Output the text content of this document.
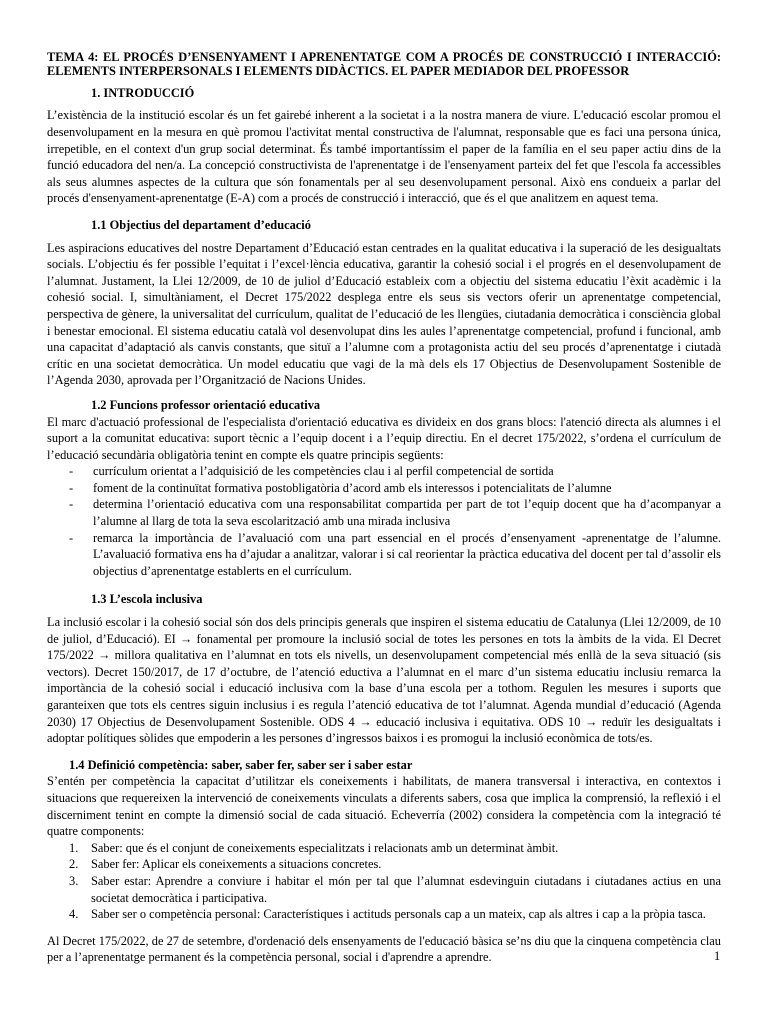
TEMA 4: EL PROCÉS D’ENSENYAMENT I APRENENTATGE COM A PROCÉS DE CONSTRUCCIÓ I INTERACCIÓ: ELEMENTS INTERPERSONALS I ELEMENTS DIDÀCTICS. EL PAPER MEDIADOR DEL PROFESSOR

1. INTRODUCCIÓ

L’existència de la institució escolar és un fet gairebé inherent a la societat i a la nostra manera de viure. L'educació escolar promou el desenvolupament en la mesura en què promou l'activitat mental constructiva de l'alumnat, responsable que es faci una persona única, irrepetible, en el context d'un grup social determinat. És també importantíssim el paper de la família en el seu paper actiu dins de la funció educadora del nen/a. La concepció constructivista de l'aprenentatge i de l'ensenyament parteix del fet que l'escola fa accessibles als seus alumnes aspectes de la cultura que són fonamentals per al seu desenvolupament personal. Això ens condueix a parlar del procés d'ensenyament-aprenentatge (E-A) com a procés de construcció i interacció, que és el que analitzem en aquest tema.

1.1 Objectius del departament d’educació

Les aspiracions educatives del nostre Departament d’Educació estan centrades en la qualitat educativa i la superació de les desigualtats socials. L’objectiu és fer possible l’equitat i l’excel·lència educativa, garantir la cohesió social i el progrés en el desenvolupament de l’alumnat. Justament, la Llei 12/2009, de 10 de juliol d’Educació estableix com a objectiu del sistema educatiu l’èxit acadèmic i la cohesió social. I, simultàniament, el Decret 175/2022 desplega entre els seus sis vectors oferir un aprenentatge competencial, perspectiva de gènere, la universalitat del currículum, qualitat de l’educació de les llengües, ciutadania democràtica i consciència global i benestar emocional. El sistema educatiu català vol desenvolupat dins les aules l’aprenentatge competencial, profund i funcional, amb una capacitat d’adaptació als canvis constants, que situï a l’alumne com a protagonista actiu del seu procés d’aprenentatge i ciutadà crític en una societat democràtica. Un model educatiu que vagi de la mà dels els 17 Objectius de Desenvolupament Sostenible de l’Agenda 2030, aprovada per l’Organització de Nacions Unides.

1.2 Funcions professor orientació educativa

El marc d'actuació professional de l'especialista d'orientació educativa es divideix en dos grans blocs: l'atenció directa als alumnes i el suport a la comunitat educativa: suport tècnic a l’equip docent i a l’equip directiu. En el decret 175/2022, s’ordena el currículum de l’educació secundària obligatòria tenint en compte els quatre principis següents:

- currículum orientat a l’adquisició de les competències clau i al perfil competencial de sortida
- foment de la continuïtat formativa postobligatòria d’acord amb els interessos i potencialitats de l’alumne
- determina l’orientació educativa com una responsabilitat compartida per part de tot l’equip docent que ha d’acompanyar a l’alumne al llarg de tota la seva escolarització amb una mirada inclusiva
- remarca la importància de l’avaluació com una part essencial en el procés d’ensenyament -aprenentatge de l’alumne. L’avaluació formativa ens ha d’ajudar a analitzar, valorar i si cal reorientar la pràctica educativa del docent per tal d’assolir els objectius d’aprenentatge establerts en el currículum.
1.3 L’escola inclusiva

La inclusió escolar i la cohesió social són dos dels principis generals que inspiren el sistema educatiu de Catalunya (Llei 12/2009, de 10 de juliol, d’Educació). EI → fonamental per promoure la inclusió social de totes les persones en tots la àmbits de la vida. El Decret 175/2022 → millora qualitativa en l’alumnat en tots els nivells, un desenvolupament competencial més enllà de la seva situació (sis vectors). Decret 150/2017, de 17 d’octubre, de l’atenció eductiva a l’alumnat en el marc d’un sistema educatiu inclusiu remarca la importància de la cohesió social i educació inclusiva com la base d’una escola per a tothom. Regulen les mesures i suports que garanteixen que tots els centres siguin inclusius i es regula l’atenció educativa de tot l’alumnat. Agenda mundial d’educació (Agenda 2030) 17 Objectius de Desenvolupament Sostenible. ODS 4 → educació inclusiva i equitativa. ODS 10 → reduïr les desigualtats i adoptar polítiques sòlides que empoderin a les persones d’ingressos baixos i es promogui la inclusió econòmica de tots/es.

1.4 Definició competència: saber, saber fer, saber ser i saber estar

S’entén per competència la capacitat d’utilitzar els coneixements i habilitats, de manera transversal i interactiva, en contextos i situacions que requereixen la intervenció de coneixements vinculats a diferents sabers, cosa que implica la comprensió, la reflexió i el discerniment tenint en compte la dimensió social de cada situació. Echeverría (2002) considera la competència com la integració té quatre components:

1. Saber: que és el conjunt de coneixements especialitzats i relacionats amb un determinat àmbit.
2. Saber fer: Aplicar els coneixements a situacions concretes.
3. Saber estar: Aprendre a conviure i habitar el món per tal que l’alumnat esdevinguin ciutadans i ciutadanes actius en una societat democràtica i participativa.
4. Saber ser o competència personal: Característiques i actituds personals cap a un mateix, cap als altres i cap a la pròpia tasca.

Al Decret 175/2022, de 27 de setembre, d'ordenació dels ensenyaments de l'educació bàsica se’ns diu que la cinquena competència clau per a l’aprenentatge permanent és la competència personal, social i d'aprendre a aprendre.	1
